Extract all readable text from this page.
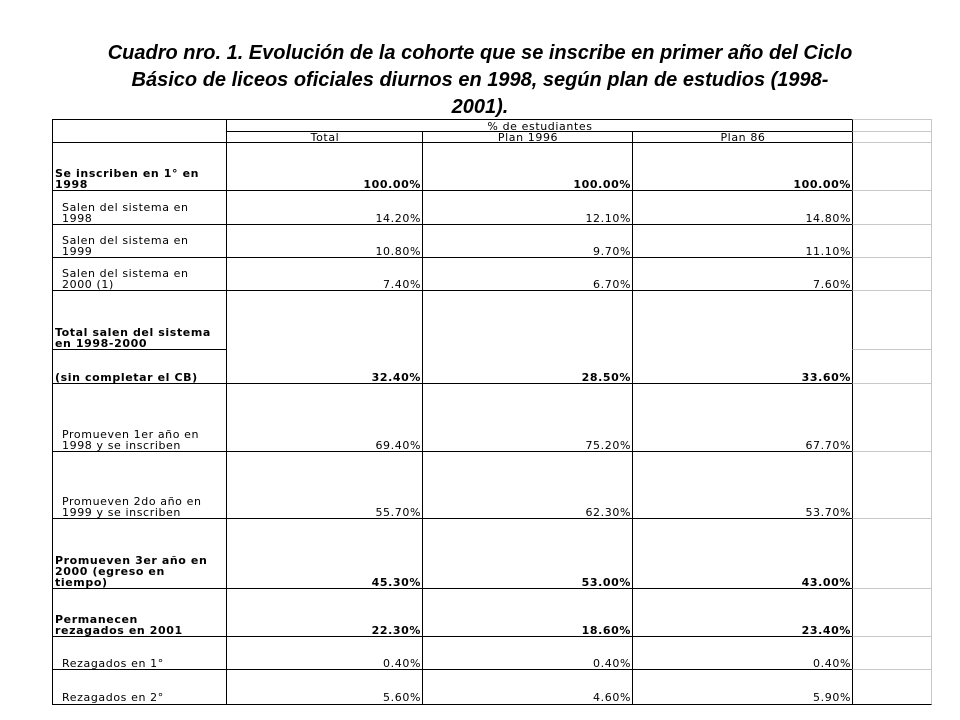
Cuadro nro. 1. Evolución de la cohorte que se inscribe en primer año del Ciclo
Básico de liceos oficiales diurnos en 1998, según plan de estudios (1998-
2001).
% de estudiantes
Total	Plan 1996	Plan 86
Se inscriben en 1° en
1998	100.00%	100.00%	100.00%
Salen del sistema en
1998	14.20%	12.10%	14.80%
Salen del sistema en
1999	10.80%	9.70%	11.10%
Salen del sistema en
2000 (1)	7.40%	6.70%	7.60%
Total salen del sistema
en 1998-2000
(sin completar el CB)	32.40%	28.50%	33.60%
Promueven 1er año en
1998 y se inscriben	69.40%	75.20%	67.70%
Promueven 2do año en
1999 y se inscriben	55.70%	62.30%	53.70%
Promueven 3er año en
2000 (egreso en
tiempo)	45.30%	53.00%	43.00%
Permanecen
rezagados en 2001	22.30%	18.60%	23.40%
Rezagados en 1°	0.40%	0.40%	0.40%
Rezagados en 2°	5.60%	4.60%	5.90%
